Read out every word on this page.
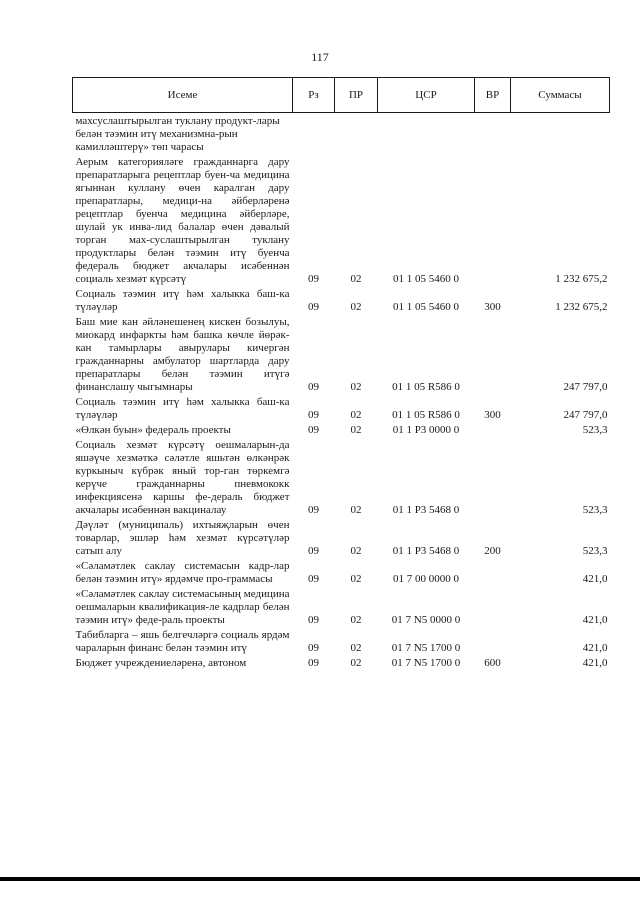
117
Исеме	Рз	ПР	ЦСР	ВР	Суммасы
махсуслаштырылган туклану продукт-лары белән тәэмин итү механизмна-рын камилләштерү» төп чарасы					
Аерым категорияләге гражданнарга дару препаратларыга рецептлар буен-ча медицина ягыннан куллану өчен каралган дару препаратлары, медици-на әйберләренә рецептлар буенча медицина әйберләре, шулай ук инва-лид балалар өчен дәвалый торган мах-суслаштырылган туклану продуктлары белән тәэмин итү буенча федераль бюджет акчалары исәбеннән социаль хезмәт күрсәтү	09	02	01 1 05 5460 0		1 232 675,2
Социаль тәэмин итү һәм халыкка баш-ка түләүләр	09	02	01 1 05 5460 0	300	1 232 675,2
Баш мие кан әйләнешенең кискен бозылуы, миокард инфаркты һәм башка көчле йөрәк-кан тамырлары авырулары кичергән гражданнарны амбулатор шартларда дару препаратлары белән тәэмин итүгә финанслашу чыгымнары	09	02	01 1 05 R586 0		247 797,0
Социаль тәэмин итү һәм халыкка баш-ка түләүләр	09	02	01 1 05 R586 0	300	247 797,0
«Өлкән буын» федераль проекты	09	02	01 1 P3 0000 0		523,3
Социаль хезмәт күрсәтү оешмаларын-да яшәүче хезмәткә сәләтле яшьтән өлкәнрәк куркыныч күбрәк яный тор-ган төркемгә керүче гражданнарны пневмококк инфекциясенә каршы фе-дераль бюджет акчалары исәбеннән вакциналау	09	02	01 1 P3 5468 0		523,3
Дәүләт (муниципаль) ихтыяҗларын өчен товарлар, эшләр һәм хезмәт күрсәтүләр сатып алу	09	02	01 1 P3 5468 0	200	523,3
«Сәламәтлек саклау системасын кадр-лар белән тәэмин итү» ярдәмче про-граммасы	09	02	01 7 00 0000 0		421,0
«Сәламәтлек саклау системасының медицина оешмаларын квалификация-ле кадрлар белән тәэмин итү» феде-раль проекты	09	02	01 7 N5 0000 0		421,0
Табибларга – яшь белгечләргә социаль ярдәм чараларын финанс белән тәэмин итү	09	02	01 7 N5 1700 0		421,0
Бюджет учреждениеләренә, автоном	09	02	01 7 N5 1700 0	600	421,0
